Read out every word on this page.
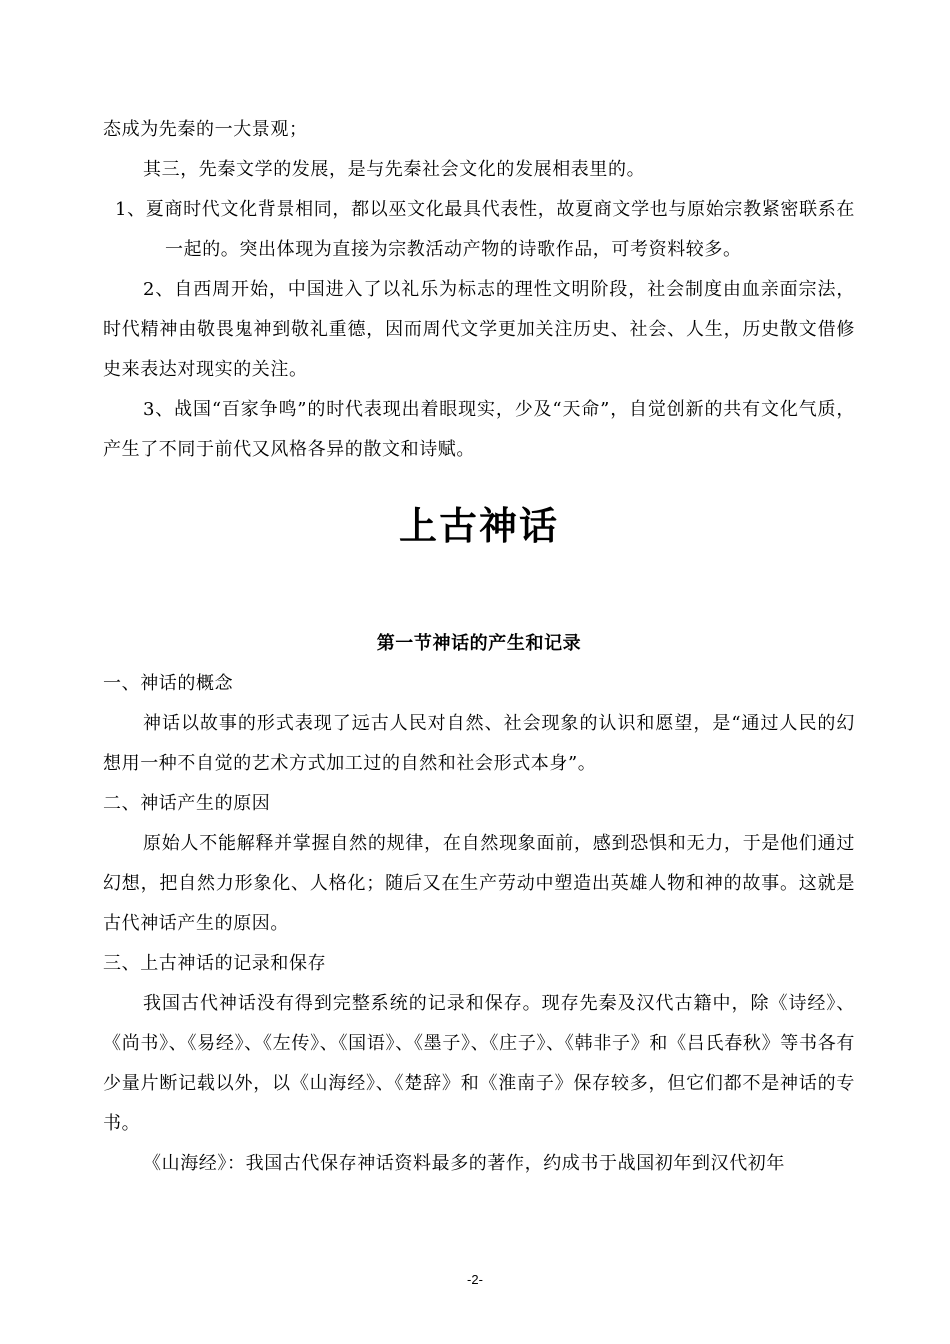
态成为先秦的一大景观；

其三，先秦文学的发展，是与先秦社会文化的发展相表里的。

1、夏商时代文化背景相同，都以巫文化最具代表性，故夏商文学也与原始宗教紧密联系在一起的。突出体现为直接为宗教活动产物的诗歌作品，可考资料较多。

2、自西周开始，中国进入了以礼乐为标志的理性文明阶段，社会制度由血亲面宗法，时代精神由敬畏鬼神到敬礼重德，因而周代文学更加关注历史、社会、人生，历史散文借修史来表达对现实的关注。

3、战国“百家争鸣”的时代表现出着眼现实，少及“天命”，自觉创新的共有文化气质，产生了不同于前代又风格各异的散文和诗赋。

上古神话
第一节神话的产生和记录

一、神话的概念

神话以故事的形式表现了远古人民对自然、社会现象的认识和愿望，是“通过人民的幻想用一种不自觉的艺术方式加工过的自然和社会形式本身”。

二、神话产生的原因

原始人不能解释并掌握自然的规律，在自然现象面前，感到恐惧和无力，于是他们通过幻想，把自然力形象化、人格化；随后又在生产劳动中塑造出英雄人物和神的故事。这就是古代神话产生的原因。

三、上古神话的记录和保存

我国古代神话没有得到完整系统的记录和保存。现存先秦及汉代古籍中，除《诗经》、《尚书》、《易经》、《左传》、《国语》、《墨子》、《庄子》、《韩非子》和《吕氏春秋》等书各有少量片断记载以外，以《山海经》、《楚辞》和《淮南子》保存较多，但它们都不是神话的专书。

《山海经》：我国古代保存神话资料最多的著作，约成书于战国初年到汉代初年

-2-
